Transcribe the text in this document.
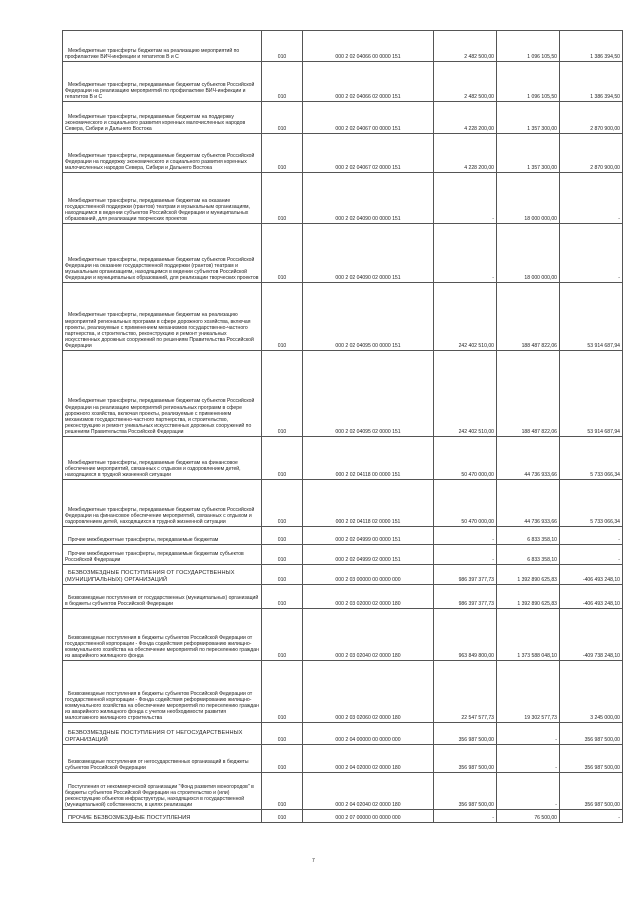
Межбюджетные трансферты бюджетам на реализацию мероприятий по профилактике ВИЧ-инфекции и гепатитов В и С	010	000 2 02 04066 00 0000 151	2 482 500,00	1 096 105,50	1 386 394,50
Межбюджетные трансферты, передаваемые бюджетам субъектов Российской Федерации на реализацию мероприятий по профилактике ВИЧ-инфекции и гепатитов В и С	010	000 2 02 04066 02 0000 151	2 482 500,00	1 096 105,50	1 386 394,50
Межбюджетные трансферты, передаваемые бюджетам на поддержку экономического и социального развития коренных малочисленных народов Севера, Сибири и Дальнего Востока	010	000 2 02 04067 00 0000 151	4 228 200,00	1 357 300,00	2 870 900,00
Межбюджетные трансферты, передаваемые бюджетам субъектов Российской Федерации на поддержку экономического и социального развития коренных малочисленных народов Севера, Сибири и Дальнего Востока	010	000 2 02 04067 02 0000 151	4 228 200,00	1 357 300,00	2 870 900,00
Межбюджетные трансферты, передаваемые бюджетам на оказание государственной поддержки (грантов) театрам и музыкальным организациям, находящимся в ведении субъектов Российской Федерации и муниципальных образований, для реализации творческих проектов	010	000 2 02 04090 00 0000 151	-	18 000 000,00	-
Межбюджетные трансферты, передаваемые бюджетам субъектов Российской Федерации на оказание государственной поддержки (грантов) театрам и музыкальным организациям, находящимся в ведении субъектов Российской Федерации и муниципальных образований, для реализации творческих проектов	010	000 2 02 04090 02 0000 151	-	18 000 000,00	-
Межбюджетные трансферты, передаваемые бюджетам на реализацию мероприятий региональных программ в сфере дорожного хозяйства, включая проекты, реализуемые с применением механизмов государственно-частного партнерства, и строительство, реконструкцию и ремонт уникальных искусственных дорожных сооружений по решениям Правительства Российской Федерации	010	000 2 02 04095 00 0000 151	242 402 510,00	188 487 822,06	53 914 687,94
Межбюджетные трансферты, передаваемые бюджетам субъектов Российской Федерации на реализацию мероприятий региональных программ в сфере дорожного хозяйства, включая проекты, реализуемые с применением механизмов государственно-частного партнерства, и строительство, реконструкцию и ремонт уникальных искусственных дорожных сооружений по решениям Правительства Российской Федерации	010	000 2 02 04095 02 0000 151	242 402 510,00	188 487 822,06	53 914 687,94
Межбюджетные трансферты, передаваемые бюджетам на финансовое обеспечение мероприятий, связанных с отдыхом и оздоровлением детей, находящихся в трудной жизненной ситуации	010	000 2 02 04118 00 0000 151	50 470 000,00	44 736 933,66	5 733 066,34
Межбюджетные трансферты, передаваемые бюджетам субъектов Российской Федерации на финансовое обеспечение мероприятий, связанных с отдыхом и оздоровлением детей, находящихся в трудной жизненной ситуации	010	000 2 02 04118 02 0000 151	50 470 000,00	44 736 933,66	5 733 066,34
Прочие межбюджетные трансферты, передаваемые бюджетам	010	000 2 02 04999 00 0000 151	-	6 833 358,10	-
Прочие межбюджетные трансферты, передаваемые бюджетам субъектов Российской Федерации	010	000 2 02 04999 02 0000 151	-	6 833 358,10	-
БЕЗВОЗМЕЗДНЫЕ ПОСТУПЛЕНИЯ ОТ ГОСУДАРСТВЕННЫХ (МУНИЦИПАЛЬНЫХ) ОРГАНИЗАЦИЙ	010	000 2 03 00000 00 0000 000	986 397 377,73	1 392 890 625,83	-406 493 248,10
Безвозмездные поступления от государственных (муниципальных) организаций в бюджеты субъектов Российской Федерации	010	000 2 03 02000 02 0000 180	986 397 377,73	1 392 890 625,83	-406 493 248,10
Безвозмездные поступления в бюджеты субъектов Российской Федерации от государственной корпорации - Фонда содействия реформированию жилищно-коммунального хозяйства на обеспечение мероприятий по переселению граждан из аварийного жилищного фонда	010	000 2 03 02040 02 0000 180	963 849 800,00	1 373 588 048,10	-409 738 248,10
Безвозмездные поступления в бюджеты субъектов Российской Федерации от государственной корпорации - Фонда содействия реформированию жилищно-коммунального хозяйства на обеспечение мероприятий по переселению граждан из аварийного жилищного фонда с учетом необходимости развития малоэтажного жилищного строительства	010	000 2 03 02060 02 0000 180	22 547 577,73	19 302 577,73	3 245 000,00
БЕЗВОЗМЕЗДНЫЕ ПОСТУПЛЕНИЯ ОТ НЕГОСУДАРСТВЕННЫХ ОРГАНИЗАЦИЙ	010	000 2 04 00000 00 0000 000	356 987 500,00	-	356 987 500,00
Безвозмездные поступления от негосударственных организаций в бюджеты субъектов Российской Федерации	010	000 2 04 02000 02 0000 180	356 987 500,00	-	356 987 500,00
Поступления от некоммерческой организации "Фонд развития моногородов" в бюджеты субъектов Российской Федерации на строительство и (или) реконструкцию объектов инфраструктуры, находящихся в государственной (муниципальной) собственности, в целях реализации	010	000 2 04 02040 02 0000 180	356 987 500,00	-	356 987 500,00
ПРОЧИЕ БЕЗВОЗМЕЗДНЫЕ ПОСТУПЛЕНИЯ	010	000 2 07 00000 00 0000 000	-	76 500,00	-
7
